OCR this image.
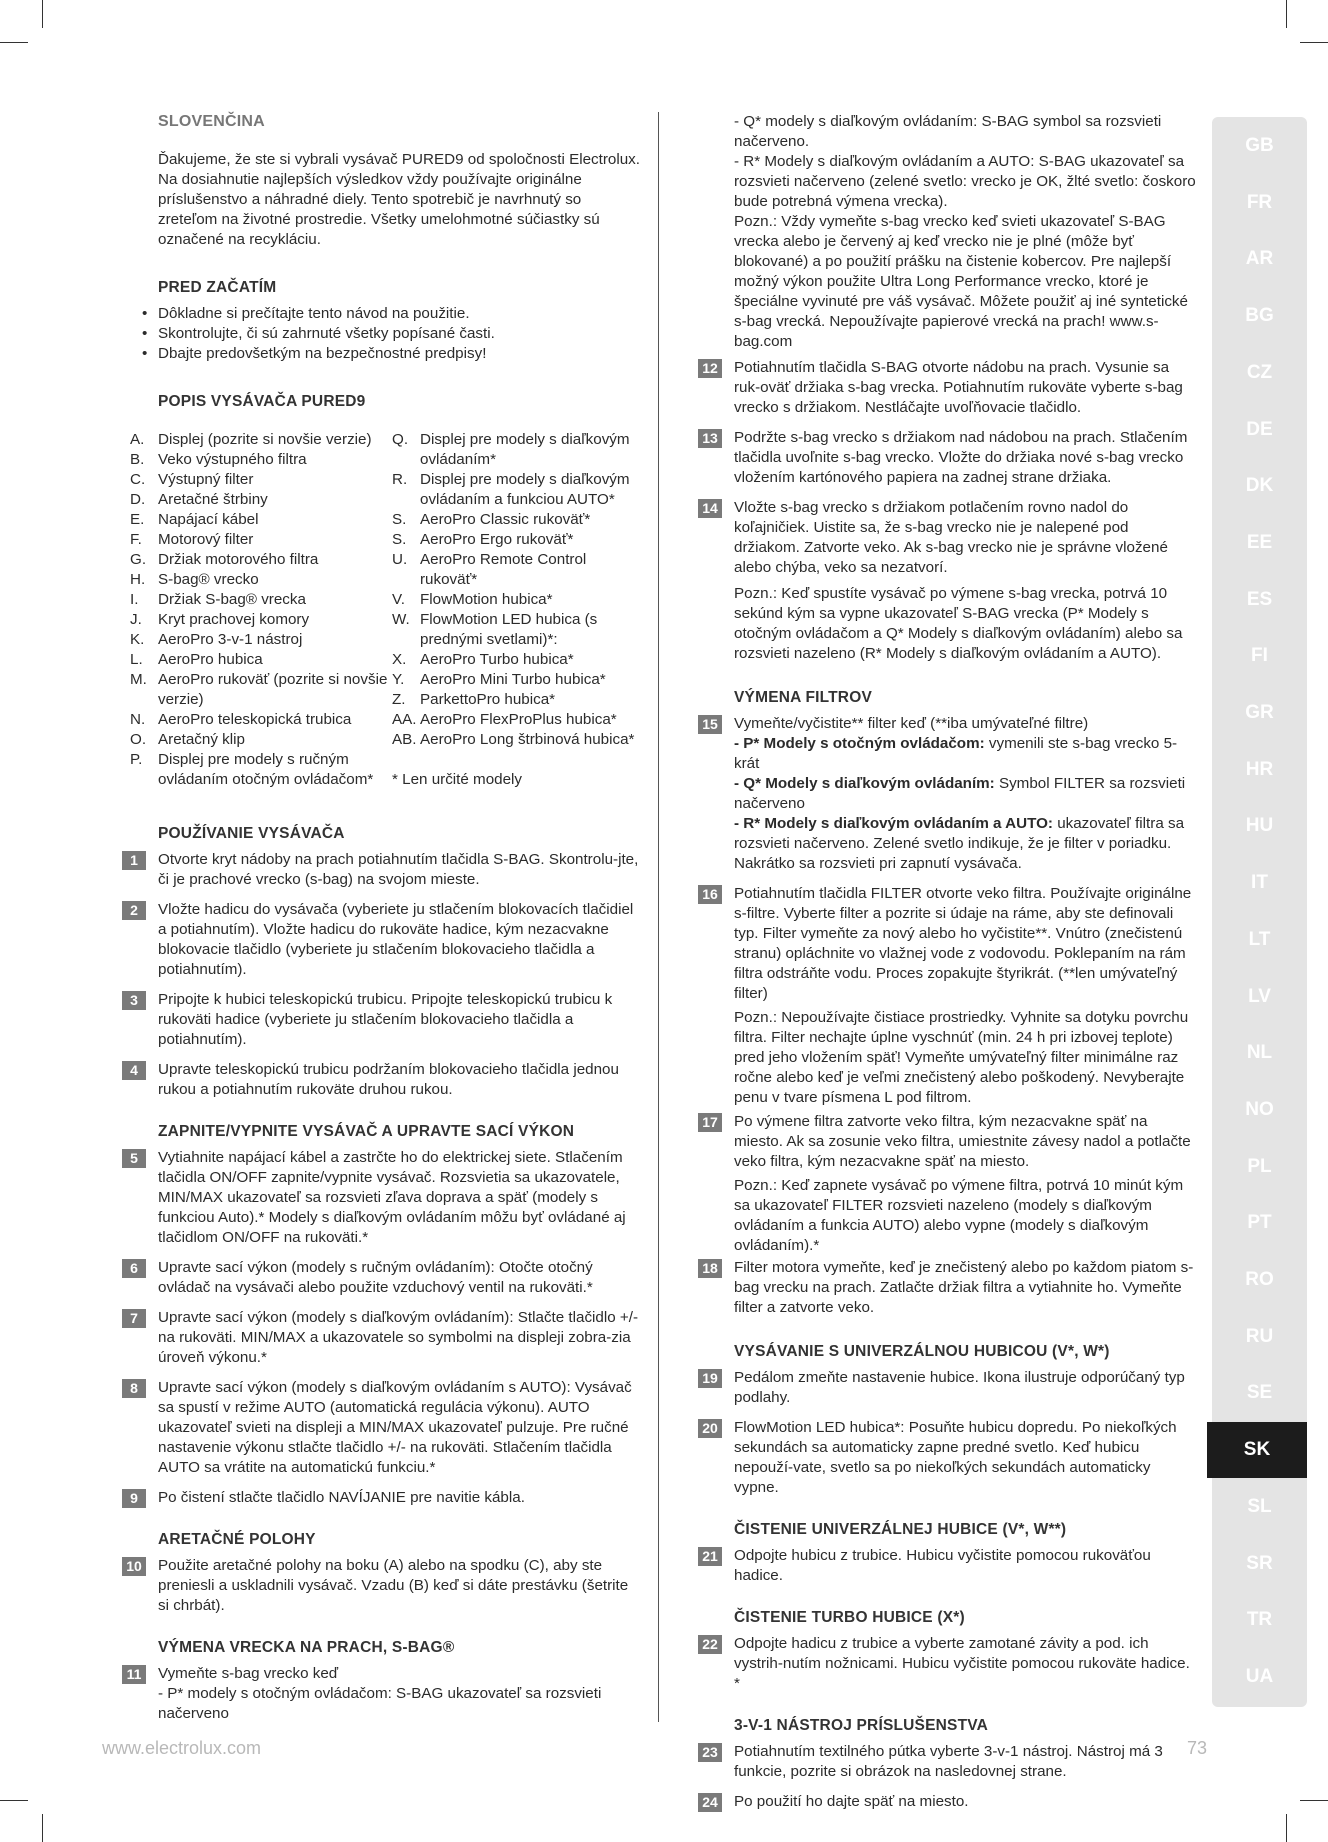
SLOVENČINA

Ďakujeme, že ste si vybrali vysávač PURED9 od spoločnosti Electrolux. Na dosiahnutie najlepších výsledkov vždy používajte originálne príslušenstvo a náhradné diely. Tento spotrebič je navrhnutý so zreteľom na životné prostredie. Všetky umelohmotné súčiastky sú označené na recykláciu.

PRED ZAČATÍM

• Dôkladne si prečítajte tento návod na použitie.

• Skontrolujte, či sú zahrnuté všetky popísané časti.

• Dbajte predovšetkým na bezpečnostné predpisy!

POPIS VYSÁVAČA PURED9
A. Displej (pozrite si novšie verzie)
B. Veko výstupného filtra
C. Výstupný filter
D. Aretačné štrbiny
E. Napájací kábel
F. Motorový filter
G. Držiak motorového filtra
H. S-bag® vrecko
I. Držiak S-bag® vrecka
J. Kryt prachovej komory
K. AeroPro 3-v-1 nástroj
L. AeroPro hubica
M. AeroPro rukoväť (pozrite si novšie verzie)
N. AeroPro teleskopická trubica
O. Aretačný klip
P. Displej pre modely s ručným ovládaním otočným ovládačom*
Q. Displej pre modely s diaľkovým ovládaním*
R. Displej pre modely s diaľkovým ovládaním a funkciou AUTO*
S. AeroPro Classic rukoväť*
S. AeroPro Ergo rukoväť*
U. AeroPro Remote Control rukoväť*
V. FlowMotion hubica*
W. FlowMotion LED hubica (s prednými svetlami)*:
X. AeroPro Turbo hubica*
Y. AeroPro Mini Turbo hubica*
Z. ParkettoPro hubica*
AA. AeroPro FlexProPlus hubica*
AB. AeroPro Long štrbinová hubica*

* Len určité modely

POUŽÍVANIE VYSÁVAČA
1	Otvorte kryt nádoby na prach potiahnutím tlačidla S-BAG. Skontrolu-jte, či je prachové vrecko (s-bag) na svojom mieste.

2	Vložte hadicu do vysávača (vyberiete ju stlačením blokovacích tlačidiel a potiahnutím). Vložte hadicu do rukoväte hadice, kým nezacvakne blokovacie tlačidlo (vyberiete ju stlačením blokovacieho tlačidla a potiahnutím).

3	Pripojte k hubici teleskopickú trubicu. Pripojte teleskopickú trubicu k rukoväti hadice (vyberiete ju stlačením blokovacieho tlačidla a potiahnutím).

4	Upravte teleskopickú trubicu podržaním blokovacieho tlačidla jednou rukou a potiahnutím rukoväte druhou rukou.

ZAPNITE/VYPNITE VYSÁVAČ A UPRAVTE SACÍ VÝKON
5	Vytiahnite napájací kábel a zastrčte ho do elektrickej siete. Stlačením tlačidla ON/OFF zapnite/vypnite vysávač. Rozsvietia sa ukazovatele, MIN/MAX ukazovateľ sa rozsvieti zľava doprava a späť (modely s funkciou Auto).* Modely s diaľkovým ovládaním môžu byť ovládané aj tlačidlom ON/OFF na rukoväti.*

6	Upravte sací výkon (modely s ručným ovládaním): Otočte otočný ovládač na vysávači alebo použite vzduchový ventil na rukoväti.*

7	Upravte sací výkon (modely s diaľkovým ovládaním): Stlačte tlačidlo +/- na rukoväti. MIN/MAX a ukazovatele so symbolmi na displeji zobra-zia úroveň výkonu.*

8	Upravte sací výkon (modely s diaľkovým ovládaním s AUTO): Vysávač sa spustí v režime AUTO (automatická regulácia výkonu). AUTO ukazovateľ svieti na displeji a MIN/MAX ukazovateľ pulzuje. Pre ručné nastavenie výkonu stlačte tlačidlo +/- na rukoväti. Stlačením tlačidla AUTO sa vrátite na automatickú funkciu.*

9	Po čistení stlačte tlačidlo NAVÍJANIE pre navitie kábla.

ARETAČNÉ POLOHY
10 Použite aretačné polohy na boku (A) alebo na spodku (C), aby ste preniesli a uskladnili vysávač. Vzadu (B) keď si dáte prestávku (šetrite si chrbát).

VÝMENA VRECKA NA PRACH, S-BAG®
11	Vymeňte s-bag vrecko keď

- P* modely s otočným ovládačom: S-BAG ukazovateľ sa rozsvieti načerveno

- Q* modely s diaľkovým ovládaním: S-BAG symbol sa rozsvieti načerveno.

- R* Modely s diaľkovým ovládaním a AUTO: S-BAG ukazovateľ sa rozsvieti načerveno (zelené svetlo: vrecko je OK, žlté svetlo: čoskoro bude potrebná výmena vrecka).

Pozn.: Vždy vymeňte s-bag vrecko keď svieti ukazovateľ S-BAG vrecka alebo je červený aj keď vrecko nie je plné (môže byť blokované) a po použití prášku na čistenie kobercov. Pre najlepší možný výkon použite Ultra Long Performance vrecko, ktoré je špeciálne vyvinuté pre váš vysávač. Môžete použiť aj iné syntetické s-bag vrecká. Nepoužívajte papierové vrecká na prach! www.s-bag.com

12 Potiahnutím tlačidla S-BAG otvorte nádobu na prach. Vysunie sa ruk-oväť držiaka s-bag vrecka. Potiahnutím rukoväte vyberte s-bag vrecko s držiakom. Nestláčajte uvoľňovacie tlačidlo.

13 Podržte s-bag vrecko s držiakom nad nádobou na prach. Stlačením tlačidla uvoľnite s-bag vrecko. Vložte do držiaka nové s-bag vrecko vložením kartónového papiera na zadnej strane držiaka.

14 Vložte s-bag vrecko s držiakom potlačením rovno nadol do koľajničiek. Uistite sa, že s-bag vrecko nie je nalepené pod držiakom. Zatvorte veko. Ak s-bag vrecko nie je správne vložené alebo chýba, veko sa nezatvorí.

Pozn.: Keď spustíte vysávač po výmene s-bag vrecka, potrvá 10 sekúnd kým sa vypne ukazovateľ S-BAG vrecka (P* Modely s otočným ovládačom a Q* Modely s diaľkovým ovládaním) alebo sa rozsvieti nazeleno (R* Modely s diaľkovým ovládaním a AUTO).

VÝMENA FILTROV
15 Vymeňte/vyčistite** filter keď (**iba umývateľné filtre)

- P* Modely s otočným ovládačom: vymenili ste s-bag vrecko 5-krát

- Q* Modely s diaľkovým ovládaním: Symbol FILTER sa rozsvieti načerveno

- R* Modely s diaľkovým ovládaním a AUTO: ukazovateľ filtra sa rozsvieti načerveno. Zelené svetlo indikuje, že je filter v poriadku. Nakrátko sa rozsvieti pri zapnutí vysávača.

16 Potiahnutím tlačidla FILTER otvorte veko filtra. Používajte originálne s-filtre. Vyberte filter a pozrite si údaje na ráme, aby ste definovali typ. Filter vymeňte za nový alebo ho vyčistite**. Vnútro (znečistenú stranu) opláchnite vo vlažnej vode z vodovodu. Poklepaním na rám filtra odstráňte vodu. Proces zopakujte štyrikrát. (**len umývateľný filter)

Pozn.: Nepoužívajte čistiace prostriedky. Vyhnite sa dotyku povrchu filtra. Filter nechajte úplne vyschnúť (min. 24 h pri izbovej teplote) pred jeho vložením späť! Vymeňte umývateľný filter minimálne raz ročne alebo keď je veľmi znečistený alebo poškodený. Nevyberajte penu v tvare písmena L pod filtrom.

17 Po výmene filtra zatvorte veko filtra, kým nezacvakne späť na miesto. Ak sa zosunie veko filtra, umiestnite závesy nadol a potlačte veko filtra, kým nezacvakne späť na miesto.

Pozn.: Keď zapnete vysávač po výmene filtra, potrvá 10 minút kým sa ukazovateľ FILTER rozsvieti nazeleno (modely s diaľkovým ovládaním a funkcia AUTO) alebo vypne (modely s diaľkovým ovládaním).*

18 Filter motora vymeňte, keď je znečistený alebo po každom piatom s-bag vrecku na prach. Zatlačte držiak filtra a vytiahnite ho. Vymeňte filter a zatvorte veko.

VYSÁVANIE S UNIVERZÁLNOU HUBICOU (V*, W*)
19 Pedálom zmeňte nastavenie hubice. Ikona ilustruje odporúčaný typ podlahy.

20 FlowMotion LED hubica*: Posuňte hubicu dopredu. Po niekoľkých sekundách sa automaticky zapne predné svetlo. Keď hubicu nepouží-vate, svetlo sa po niekoľkých sekundách automaticky vypne.

ČISTENIE UNIVERZÁLNEJ HUBICE (V*, W**)
21 Odpojte hubicu z trubice. Hubicu vyčistite pomocou rukoväťou hadice.

ČISTENIE TURBO HUBICE (X*)
22 Odpojte hadicu z trubice a vyberte zamotané závity a pod. ich vystrih-nutím nožnicami. Hubicu vyčistite pomocou rukoväte hadice. *

3-V-1 NÁSTROJ PRÍSLUŠENSTVA
23 Potiahnutím textilného pútka vyberte 3-v-1 nástroj. Nástroj má 3 funkcie, pozrite si obrázok na nasledovnej strane.

24 Po použití ho dajte späť na miesto.

GB
FR
AR
BG
CZ
DE
DK
EE
ES
FI
GR
HR
HU
IT
LT
LV
NL
NO
PL
PT
RO
RU
SE
SK
SL
SR
TR
UA
www.electrolux.com	73
